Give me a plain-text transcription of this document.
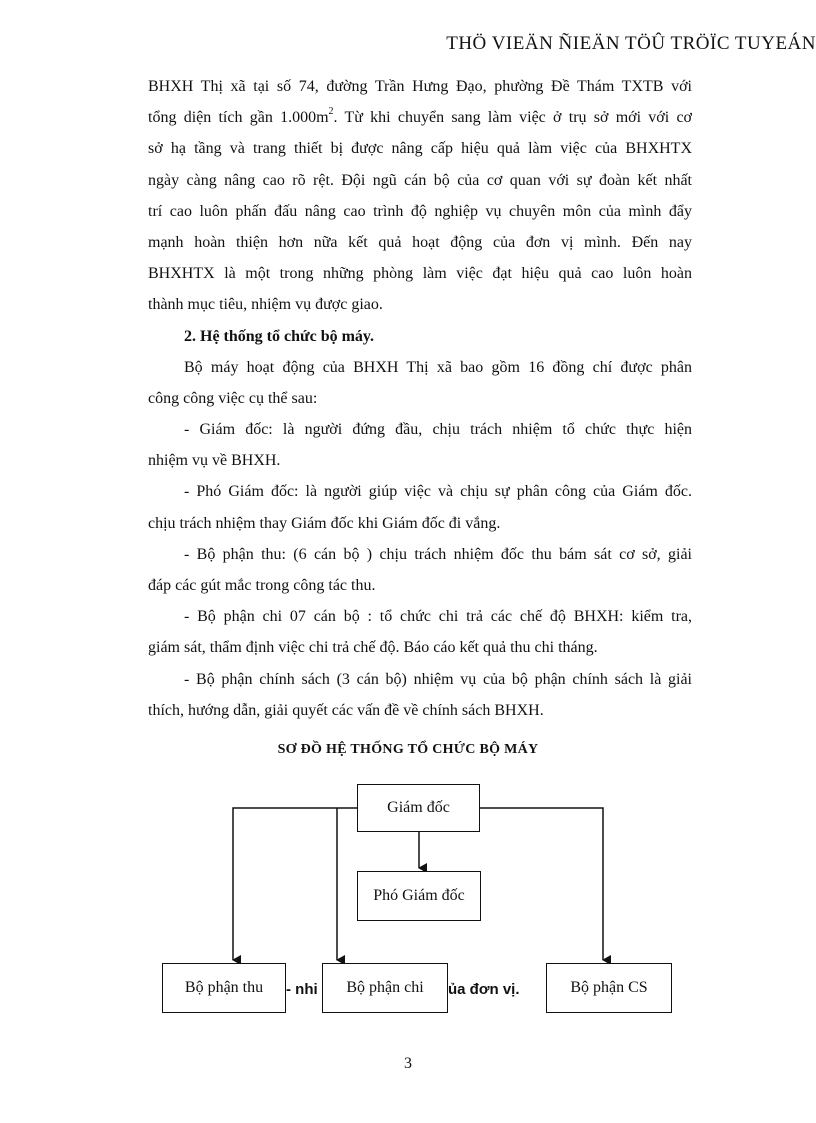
THÖ VIEÄN ÑIEÄN TÖÛ TRÖÏC TUYEÁN
BHXH Thị xã tại số 74, đường Trần Hưng Đạo, phường Đề Thám TXTB với
tổng diện tích gần $1.000m^2$. Từ khi chuyển sang làm việc ở trụ sở mới với cơ
sở hạ tầng và trang thiết bị được nâng cấp hiệu quả làm việc của BHXHTX
ngày càng nâng cao rõ rệt. Đội ngũ cán bộ của cơ quan với sự đoàn kết nhất
trí cao luôn phấn đấu nâng cao trình độ nghiệp vụ chuyên môn của mình đẩy
mạnh hoàn thiện hơn nữa kết quả hoạt động của đơn vị mình. Đến nay
BHXHTX là một trong những phòng làm việc đạt hiệu quả cao luôn hoàn
thành mục tiêu, nhiệm vụ được giao.
2. Hệ thống tổ chức bộ máy.
Bộ máy hoạt động của BHXH Thị xã bao gồm 16 đồng chí được phân
công công việc cụ thể sau:
- Giám đốc: là người đứng đầu, chịu trách nhiệm tổ chức thực hiện
nhiệm vụ về BHXH.
- Phó Giám đốc: là người giúp việc và chịu sự phân công của Giám đốc.
chịu trách nhiệm thay Giám đốc khi Giám đốc đi vắng.
- Bộ phận thu: (6 cán bộ ) chịu trách nhiệm đốc thu bám sát cơ sở, giải
đáp các gút mắc trong công tác thu.
- Bộ phận chi 07 cán bộ : tổ chức chi trả các chế độ BHXH: kiểm tra,
giám sát, thẩm định việc chi trả chế độ. Báo cáo kết quả thu chi tháng.
- Bộ phận chính sách (3 cán bộ) nhiệm vụ của bộ phận chính sách là giải
thích, hướng dẫn, giải quyết các vấn đề về chính sách BHXH.
SƠ ĐỒ HỆ THỐNG TỔ CHỨC BỘ MÁY
Giám đốc
Phó Giám đốc
- nhi	ủa đơn vị.
Bộ phận thu	Bộ phận chi	Bộ phận CS
3
